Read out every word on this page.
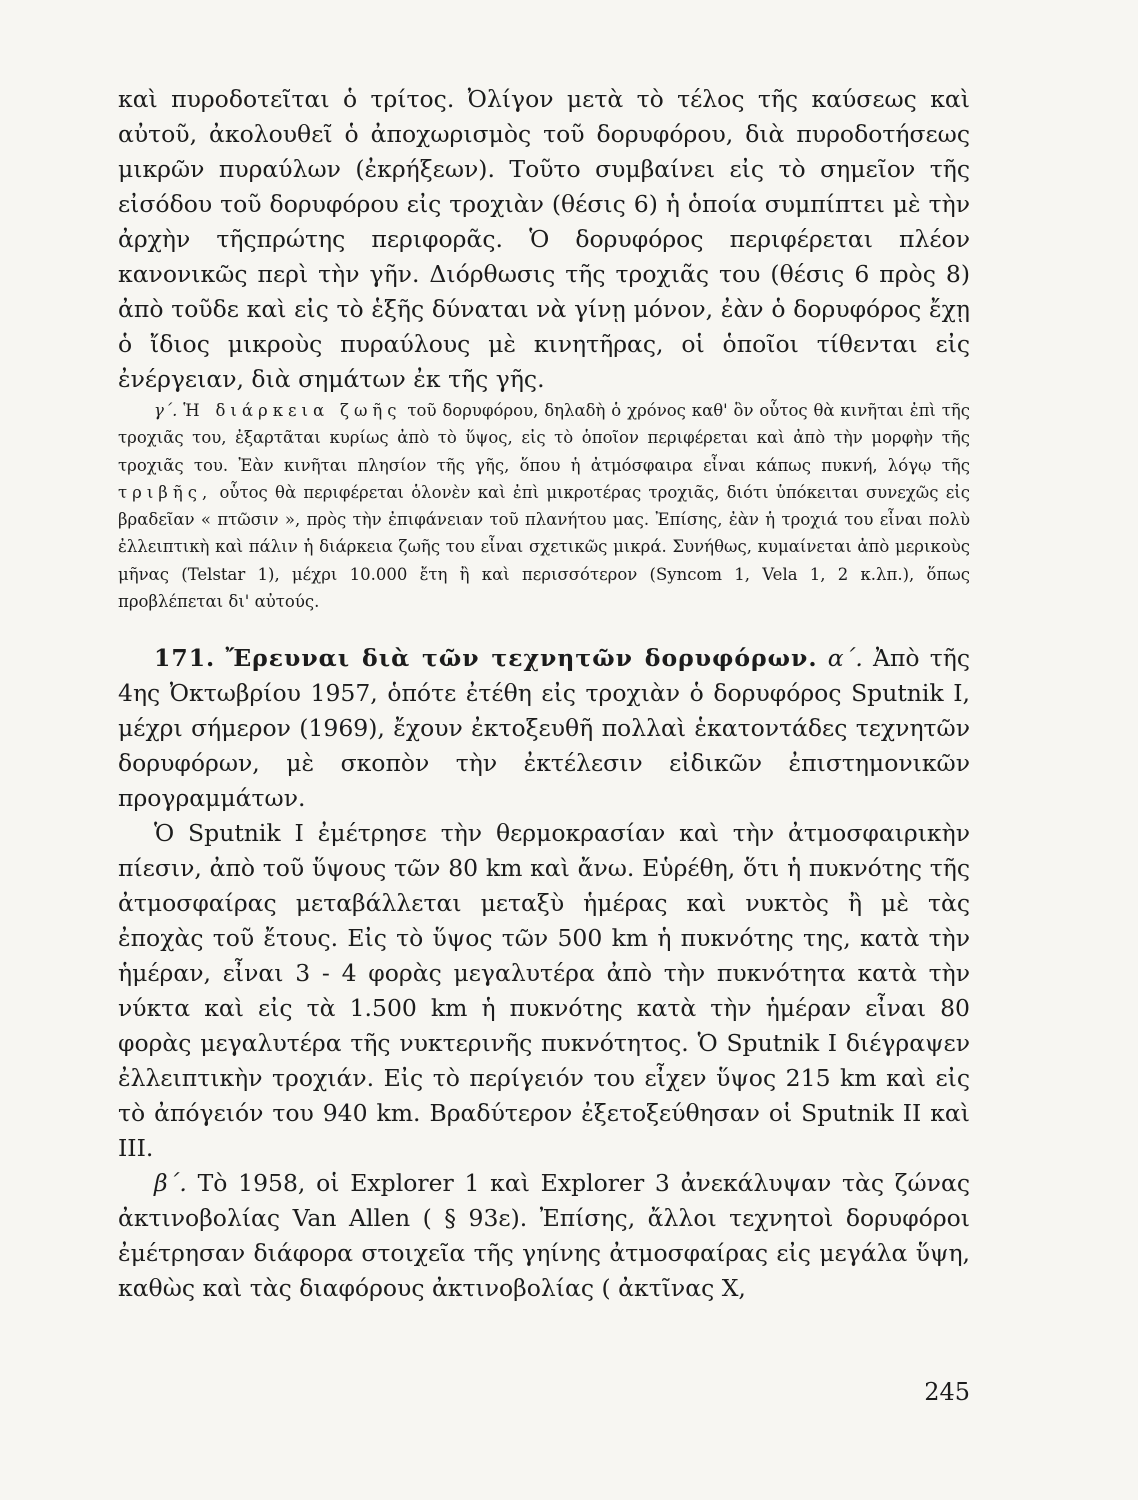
καὶ πυροδοτεῖται ὁ τρίτος. Ὀλίγον μετὰ τὸ τέλος τῆς καύσεως καὶ αὐτοῦ, ἀκολουθεῖ ὁ ἀποχωρισμὸς τοῦ δορυφόρου, διὰ πυροδοτήσεως μικρῶν πυραύλων (ἐκρήξεων). Τοῦτο συμβαίνει εἰς τὸ σημεῖον τῆς εἰσόδου τοῦ δορυφόρου εἰς τροχιὰν (θέσις 6) ἡ ὁποία συμπίπτει μὲ τὴν ἀρχὴν τῆςπρώτης περιφορᾶς. Ὁ δορυφόρος περιφέρεται πλέον κανονικῶς περὶ τὴν γῆν. Διόρθωσις τῆς τροχιᾶς του (θέσις 6 πρὸς 8) ἀπὸ τοῦδε καὶ εἰς τὸ ἑξῆς δύναται νὰ γίνῃ μόνον, ἐὰν ὁ δορυφόρος ἔχῃ ὁ ἴδιος μικροὺς πυραύλους μὲ κινητῆρας, οἱ ὁποῖοι τίθενται εἰς ἐνέργειαν, διὰ σημάτων ἐκ τῆς γῆς.

γ΄. Ἡ διάρκεια ζωῆς τοῦ δορυφόρου, δηλαδὴ ὁ χρόνος καθ' ὃν οὗτος θὰ κινῆται ἐπὶ τῆς τροχιᾶς του, ἐξαρτᾶται κυρίως ἀπὸ τὸ ὕψος, εἰς τὸ ὁποῖον περιφέρεται καὶ ἀπὸ τὴν μορφὴν τῆς τροχιᾶς του. Ἐὰν κινῆται πλησίον τῆς γῆς, ὅπου ἡ ἀτμόσφαιρα εἶναι κάπως πυκνή, λόγῳ τῆς τριβῆς, οὗτος θὰ περιφέρεται ὁλονὲν καὶ ἐπὶ μικροτέρας τροχιᾶς, διότι ὑπόκειται συνεχῶς εἰς βραδεῖαν « πτῶσιν », πρὸς τὴν ἐπιφάνειαν τοῦ πλανήτου μας. Ἐπίσης, ἐὰν ἡ τροχιά του εἶναι πολὺ ἐλλειπτικὴ καὶ πάλιν ἡ διάρκεια ζωῆς του εἶναι σχετικῶς μικρά. Συνήθως, κυμαίνεται ἀπὸ μερικοὺς μῆνας (Telstar 1), μέχρι 10.000 ἔτη ἢ καὶ περισσότερον (Syncom 1, Vela 1, 2 κ.λπ.), ὅπως προβλέπεται δι' αὐτούς.

171. Ἔρευναι διὰ τῶν τεχνητῶν δορυφόρων. α΄. Ἀπὸ τῆς 4ης Ὀκτωβρίου 1957, ὁπότε ἐτέθη εἰς τροχιὰν ὁ δορυφόρος Sputnik I, μέχρι σήμερον (1969), ἔχουν ἐκτοξευθῆ πολλαὶ ἑκατοντάδες τεχνητῶν δορυφόρων, μὲ σκοπὸν τὴν ἐκτέλεσιν εἰδικῶν ἐπιστημονικῶν προγραμμάτων.

Ὁ Sputnik I ἐμέτρησε τὴν θερμοκρασίαν καὶ τὴν ἀτμοσφαιρικὴν πίεσιν, ἀπὸ τοῦ ὕψους τῶν 80 km καὶ ἄνω. Εὑρέθη, ὅτι ἡ πυκνότης τῆς ἀτμοσφαίρας μεταβάλλεται μεταξὺ ἡμέρας καὶ νυκτὸς ἢ μὲ τὰς ἐποχὰς τοῦ ἔτους. Εἰς τὸ ὕψος τῶν 500 km ἡ πυκνότης της, κατὰ τὴν ἡμέραν, εἶναι 3 - 4 φορὰς μεγαλυτέρα ἀπὸ τὴν πυκνότητα κατὰ τὴν νύκτα καὶ εἰς τὰ 1.500 km ἡ πυκνότης κατὰ τὴν ἡμέραν εἶναι 80 φορὰς μεγαλυτέρα τῆς νυκτερινῆς πυκνότητος. Ὁ Sputnik I διέγραψεν ἐλλειπτικὴν τροχιάν. Εἰς τὸ περίγειόν του εἶχεν ὕψος 215 km καὶ εἰς τὸ ἀπόγειόν του 940 km. Βραδύτερον ἐξετοξεύθησαν οἱ Sputnik II καὶ III.

β΄. Τὸ 1958, οἱ Explorer 1 καὶ Explorer 3 ἀνεκάλυψαν τὰς ζώνας ἀκτινοβολίας Van Allen ( § 93ε). Ἐπίσης, ἄλλοι τεχνητοὶ δορυφόροι ἐμέτρησαν διάφορα στοιχεῖα τῆς γηίνης ἀτμοσφαίρας εἰς μεγάλα ὕψη, καθὼς καὶ τὰς διαφόρους ἀκτινοβολίας ( ἀκτῖνας X,

245
